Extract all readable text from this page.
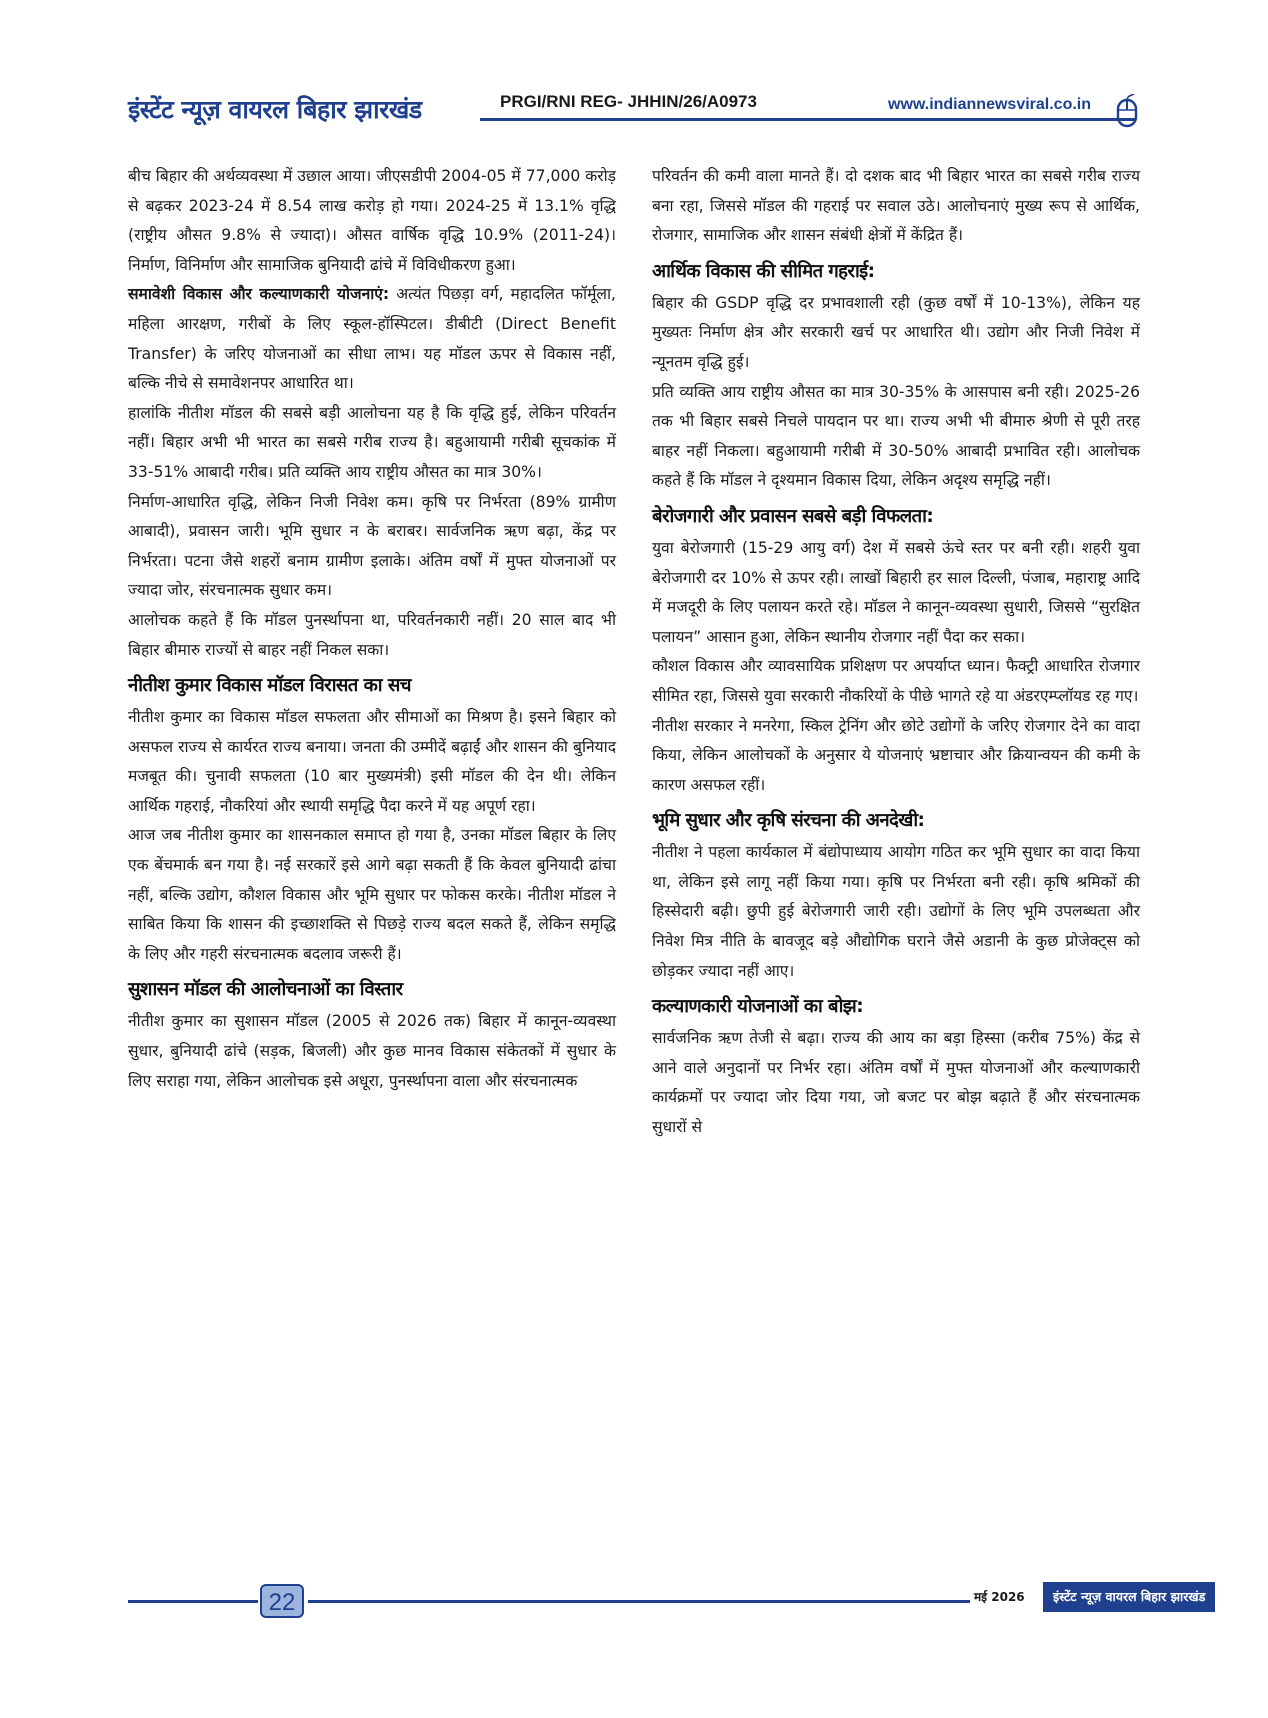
इंस्टेंट न्यूज़ वायरल बिहार झारखंड	PRGI/RNI REG- JHHIN/26/A0973	www.indiannewsviral.co.in

बीच बिहार की अर्थव्यवस्था में उछाल आया। जीएसडीपी 2004-05 में 77,000 करोड़ से बढ़कर 2023-24 में 8.54 लाख करोड़ हो गया। 2024-25 में 13.1% वृद्धि (राष्ट्रीय औसत 9.8% से ज्यादा)। औसत वार्षिक वृद्धि 10.9% (2011-24)। निर्माण, विनिर्माण और सामाजिक बुनियादी ढांचे में विविधीकरण हुआ।

समावेशी विकास और कल्याणकारी योजनाएं: अत्यंत पिछड़ा वर्ग, महादलित फॉर्मूला, महिला आरक्षण, गरीबों के लिए स्कूल-हॉस्पिटल। डीबीटी (Direct Benefit Transfer) के जरिए योजनाओं का सीधा लाभ। यह मॉडल ऊपर से विकास नहीं, बल्कि नीचे से समावेशनपर आधारित था।

हालांकि नीतीश मॉडल की सबसे बड़ी आलोचना यह है कि वृद्धि हुई, लेकिन परिवर्तन नहीं। बिहार अभी भी भारत का सबसे गरीब राज्य है। बहुआयामी गरीबी सूचकांक में 33-51% आबादी गरीब। प्रति व्यक्ति आय राष्ट्रीय औसत का मात्र 30%।

निर्माण-आधारित वृद्धि, लेकिन निजी निवेश कम। कृषि पर निर्भरता (89% ग्रामीण आबादी), प्रवासन जारी। भूमि सुधार न के बराबर। सार्वजनिक ऋण बढ़ा, केंद्र पर निर्भरता। पटना जैसे शहरों बनाम ग्रामीण इलाके। अंतिम वर्षों में मुफ्त योजनाओं पर ज्यादा जोर, संरचनात्मक सुधार कम।

आलोचक कहते हैं कि मॉडल पुनर्स्थापना था, परिवर्तनकारी नहीं। 20 साल बाद भी बिहार बीमारु राज्यों से बाहर नहीं निकल सका।

नीतीश कुमार विकास मॉडल विरासत का सच

नीतीश कुमार का विकास मॉडल सफलता और सीमाओं का मिश्रण है। इसने बिहार को असफल राज्य से कार्यरत राज्य बनाया। जनता की उम्मीदें बढ़ाईं और शासन की बुनियाद मजबूत की। चुनावी सफलता (10 बार मुख्यमंत्री) इसी मॉडल की देन थी। लेकिन आर्थिक गहराई, नौकरियां और स्थायी समृद्धि पैदा करने में यह अपूर्ण रहा।

आज जब नीतीश कुमार का शासनकाल समाप्त हो गया है, उनका मॉडल बिहार के लिए एक बेंचमार्क बन गया है। नई सरकारें इसे आगे बढ़ा सकती हैं कि केवल बुनियादी ढांचा नहीं, बल्कि उद्योग, कौशल विकास और भूमि सुधार पर फोकस करके। नीतीश मॉडल ने साबित किया कि शासन की इच्छाशक्ति से पिछड़े राज्य बदल सकते हैं, लेकिन समृद्धि के लिए और गहरी संरचनात्मक बदलाव जरूरी हैं।

सुशासन मॉडल की आलोचनाओं का विस्तार

नीतीश कुमार का सुशासन मॉडल (2005 से 2026 तक) बिहार में कानून-व्यवस्था सुधार, बुनियादी ढांचे (सड़क, बिजली) और कुछ मानव विकास संकेतकों में सुधार के लिए सराहा गया, लेकिन आलोचक इसे अधूरा, पुनर्स्थापना वाला और संरचनात्मक

परिवर्तन की कमी वाला मानते हैं। दो दशक बाद भी बिहार भारत का सबसे गरीब राज्य बना रहा, जिससे मॉडल की गहराई पर सवाल उठे। आलोचनाएं मुख्य रूप से आर्थिक, रोजगार, सामाजिक और शासन संबंधी क्षेत्रों में केंद्रित हैं।

आर्थिक विकास की सीमित गहराई:

बिहार की GSDP वृद्धि दर प्रभावशाली रही (कुछ वर्षों में 10-13%), लेकिन यह मुख्यतः निर्माण क्षेत्र और सरकारी खर्च पर आधारित थी। उद्योग और निजी निवेश में न्यूनतम वृद्धि हुई।

प्रति व्यक्ति आय राष्ट्रीय औसत का मात्र 30-35% के आसपास बनी रही। 2025-26 तक भी बिहार सबसे निचले पायदान पर था। राज्य अभी भी बीमारु श्रेणी से पूरी तरह बाहर नहीं निकला। बहुआयामी गरीबी में 30-50% आबादी प्रभावित रही। आलोचक कहते हैं कि मॉडल ने दृश्यमान विकास दिया, लेकिन अदृश्य समृद्धि नहीं।

बेरोजगारी और प्रवासन सबसे बड़ी विफलता:

युवा बेरोजगारी (15-29 आयु वर्ग) देश में सबसे ऊंचे स्तर पर बनी रही। शहरी युवा बेरोजगारी दर 10% से ऊपर रही। लाखों बिहारी हर साल दिल्ली, पंजाब, महाराष्ट्र आदि में मजदूरी के लिए पलायन करते रहे। मॉडल ने कानून-व्यवस्था सुधारी, जिससे “सुरक्षित पलायन” आसान हुआ, लेकिन स्थानीय रोजगार नहीं पैदा कर सका।

कौशल विकास और व्यावसायिक प्रशिक्षण पर अपर्याप्त ध्यान। फैक्ट्री आधारित रोजगार सीमित रहा, जिससे युवा सरकारी नौकरियों के पीछे भागते रहे या अंडरएम्प्लॉयड रह गए।

नीतीश सरकार ने मनरेगा, स्किल ट्रेनिंग और छोटे उद्योगों के जरिए रोजगार देने का वादा किया, लेकिन आलोचकों के अनुसार ये योजनाएं भ्रष्टाचार और क्रियान्वयन की कमी के कारण असफल रहीं।

भूमि सुधार और कृषि संरचना की अनदेखी:

नीतीश ने पहला कार्यकाल में बंद्योपाध्याय आयोग गठित कर भूमि सुधार का वादा किया था, लेकिन इसे लागू नहीं किया गया। कृषि पर निर्भरता बनी रही। कृषि श्रमिकों की हिस्सेदारी बढ़ी। छुपी हुई बेरोजगारी जारी रही। उद्योगों के लिए भूमि उपलब्धता और निवेश मित्र नीति के बावजूद बड़े औद्योगिक घराने जैसे अडानी के कुछ प्रोजेक्ट्स को छोड़कर ज्यादा नहीं आए।

कल्याणकारी योजनाओं का बोझ:

सार्वजनिक ऋण तेजी से बढ़ा। राज्य की आय का बड़ा हिस्सा (करीब 75%) केंद्र से आने वाले अनुदानों पर निर्भर रहा। अंतिम वर्षों में मुफ्त योजनाओं और कल्याणकारी कार्यक्रमों पर ज्यादा जोर दिया गया, जो बजट पर बोझ बढ़ाते हैं और संरचनात्मक सुधारों से

22	मई 2026	इंस्टेंट न्यूज़ वायरल बिहार झारखंड
